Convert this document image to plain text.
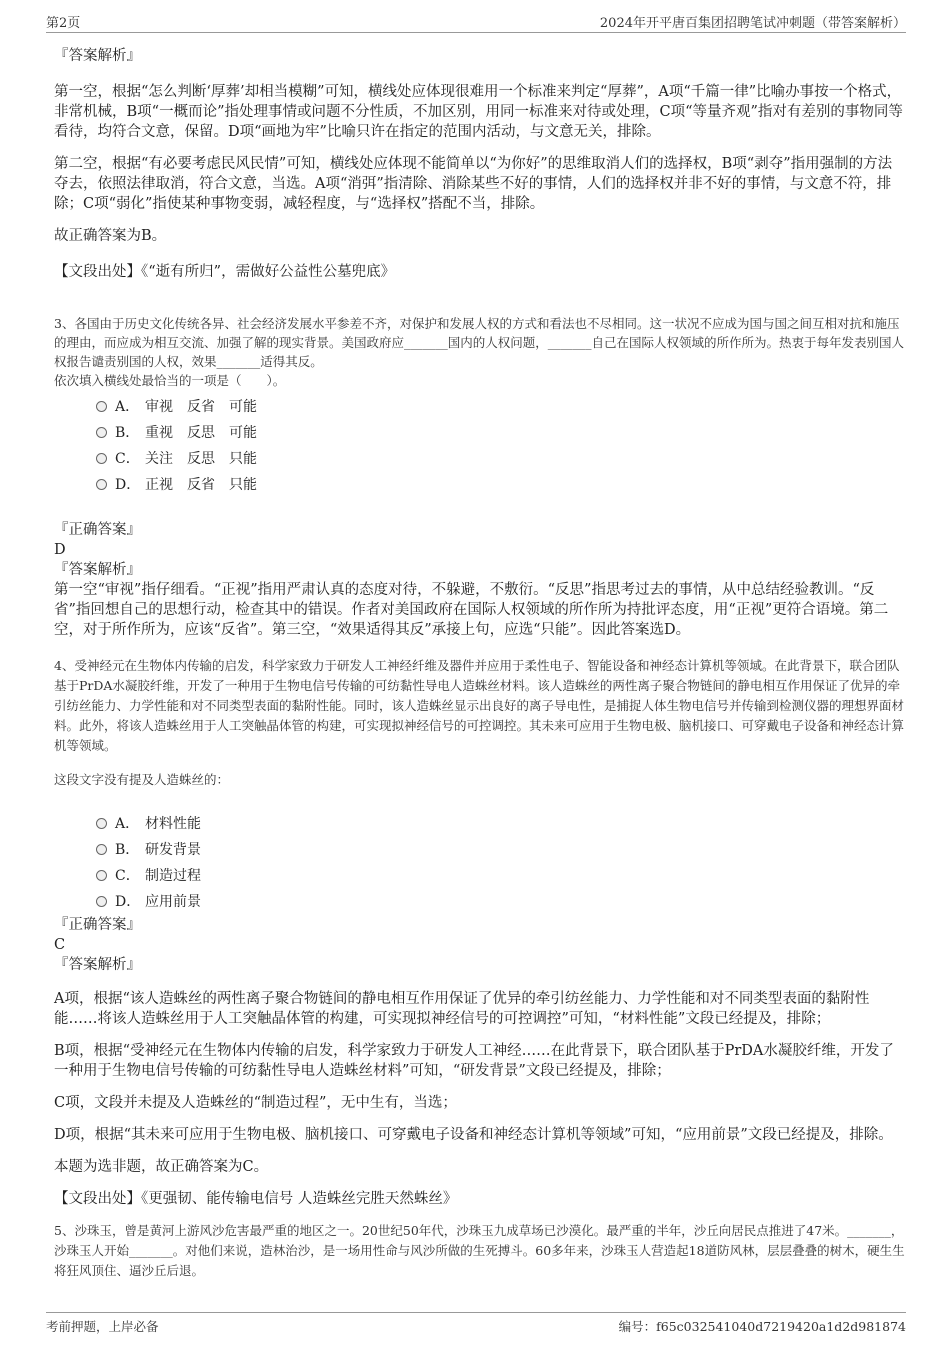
第2页	2024年开平唐百集团招聘笔试冲刺题（带答案解析）

『答案解析』

第一空，根据“怎么判断‘厚葬’却相当模糊”可知，横线处应体现很难用一个标准来判定“厚葬”，A项“千篇一律”比喻办事按一个格式，非常机械，B项“一概而论”指处理事情或问题不分性质，不加区别，用同一标准来对待或处理，C项“等量齐观”指对有差别的事物同等看待，均符合文意，保留。D项“画地为牢”比喻只许在指定的范围内活动，与文意无关，排除。

第二空，根据“有必要考虑民风民情”可知，横线处应体现不能简单以“为你好”的思维取消人们的选择权，B项“剥夺”指用强制的方法夺去，依照法律取消，符合文意，当选。A项“消弭”指清除、消除某些不好的事情，人们的选择权并非不好的事情，与文意不符，排除；C项“弱化”指使某种事物变弱，减轻程度，与“选择权”搭配不当，排除。

故正确答案为B。

【文段出处】《“逝有所归”，需做好公益性公墓兜底》

3、各国由于历史文化传统各异、社会经济发展水平参差不齐，对保护和发展人权的方式和看法也不尽相同。这一状况不应成为国与国之间互相对抗和施压的理由，而应成为相互交流、加强了解的现实背景。美国政府应_______国内的人权问题，_______自己在国际人权领域的所作所为。热衷于每年发表别国人权报告谴责别国的人权，效果_______适得其反。

依次填入横线处最恰当的一项是（　　）。

A． 审视 反省 可能
B． 重视 反思 可能
C． 关注 反思 只能
D． 正视 反省 只能

『正确答案』

D

『答案解析』

第一空“审视”指仔细看。“正视”指用严肃认真的态度对待，不躲避，不敷衍。“反思”指思考过去的事情，从中总结经验教训。“反省”指回想自己的思想行动，检查其中的错误。作者对美国政府在国际人权领域的所作所为持批评态度，用“正视”更符合语境。第二空，对于所作所为，应该“反省”。第三空，“效果适得其反”承接上句，应选“只能”。因此答案选D。

4、受神经元在生物体内传输的启发，科学家致力于研发人工神经纤维及器件并应用于柔性电子、智能设备和神经态计算机等领域。在此背景下，联合团队基于PrDA水凝胶纤维，开发了一种用于生物电信号传输的可纺黏性导电人造蛛丝材料。该人造蛛丝的两性离子聚合物链间的静电相互作用保证了优异的牵引纺丝能力、力学性能和对不同类型表面的黏附性能。同时，该人造蛛丝显示出良好的离子导电性，是捕捉人体生物电信号并传输到检测仪器的理想界面材料。此外，将该人造蛛丝用于人工突触晶体管的构建，可实现拟神经信号的可控调控。其未来可应用于生物电极、脑机接口、可穿戴电子设备和神经态计算机等领域。

这段文字没有提及人造蛛丝的：

A． 材料性能
B． 研发背景
C． 制造过程
D． 应用前景

『正确答案』

C

『答案解析』

A项，根据“该人造蛛丝的两性离子聚合物链间的静电相互作用保证了优异的牵引纺丝能力、力学性能和对不同类型表面的黏附性能……将该人造蛛丝用于人工突触晶体管的构建，可实现拟神经信号的可控调控”可知，“材料性能”文段已经提及，排除；

B项，根据“受神经元在生物体内传输的启发，科学家致力于研发人工神经……在此背景下，联合团队基于PrDA水凝胶纤维，开发了一种用于生物电信号传输的可纺黏性导电人造蛛丝材料”可知，“研发背景”文段已经提及，排除；

C项，文段并未提及人造蛛丝的“制造过程”，无中生有，当选；

D项，根据“其未来可应用于生物电极、脑机接口、可穿戴电子设备和神经态计算机等领域”可知，“应用前景”文段已经提及，排除。

本题为选非题，故正确答案为C。

【文段出处】《更强韧、能传输电信号 人造蛛丝完胜天然蛛丝》

5、沙珠玉，曾是黄河上游风沙危害最严重的地区之一。20世纪50年代，沙珠玉九成草场已沙漠化。最严重的半年，沙丘向居民点推进了47米。_______，沙珠玉人开始_______。对他们来说，造林治沙，是一场用性命与风沙所做的生死搏斗。60多年来，沙珠玉人营造起18道防风林，层层叠叠的树木，硬生生将狂风顶住、逼沙丘后退。

考前押题，上岸必备	编号：f65c032541040d7219420a1d2d981874
